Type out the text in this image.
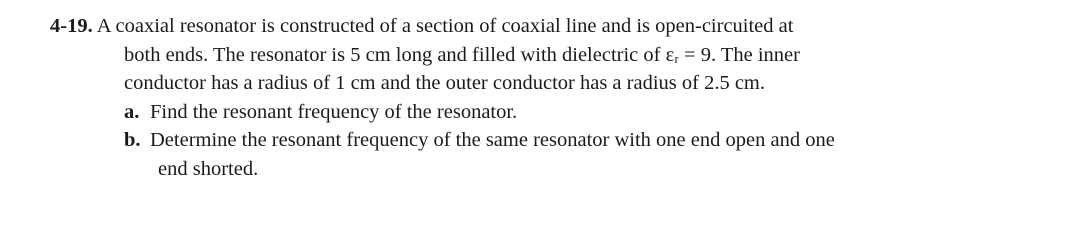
4-19. A coaxial resonator is constructed of a section of coaxial line and is open-circuited at
both ends. The resonator is 5 cm long and filled with dielectric of εᵣ = 9. The inner
conductor has a radius of 1 cm and the outer conductor has a radius of 2.5 cm.
a. Find the resonant frequency of the resonator.
b. Determine the resonant frequency of the same resonator with one end open and one
end shorted.
